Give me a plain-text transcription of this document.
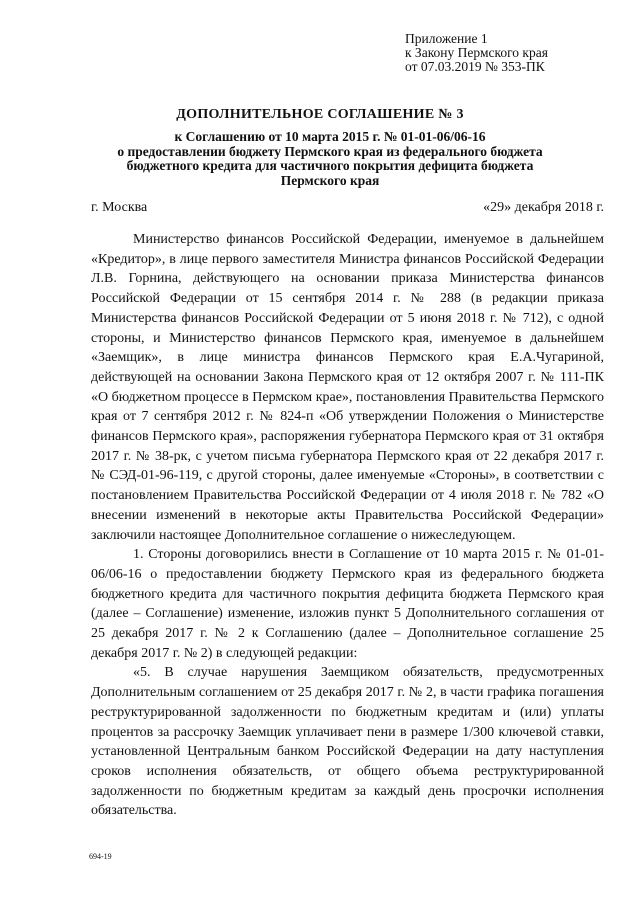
Приложение 1
к Закону Пермского края
от 07.03.2019 № 353-ПК
ДОПОЛНИТЕЛЬНОЕ СОГЛАШЕНИЕ № 3
к Соглашению от 10 марта 2015 г. № 01-01-06/06-16
о предоставлении бюджету Пермского края из федерального бюджета
бюджетного кредита для частичного покрытия дефицита бюджета
Пермского края
г. Москва	«29» декабря 2018 г.

Министерство финансов Российской Федерации, именуемое в дальнейшем «Кредитор», в лице первого заместителя Министра финансов Российской Федерации Л.В. Горнина, действующего на основании приказа Министерства финансов Российской Федерации от 15 сентября 2014 г. № 288 (в редакции приказа Министерства финансов Российской Федерации от 5 июня 2018 г. № 712), с одной стороны, и Министерство финансов Пермского края, именуемое в дальнейшем «Заемщик», в лице министра финансов Пермского края Е.А.Чугариной, действующей на основании Закона Пермского края от 12 октября 2007 г. № 111-ПК «О бюджетном процессе в Пермском крае», постановления Правительства Пермского края от 7 сентября 2012 г. № 824-п «Об утверждении Положения о Министерстве финансов Пермского края», распоряжения губернатора Пермского края от 31 октября 2017 г. № 38-рк, с учетом письма губернатора Пермского края от 22 декабря 2017 г. № СЭД-01-96-119, с другой стороны, далее именуемые «Стороны», в соответствии с постановлением Правительства Российской Федерации от 4 июля 2018 г. № 782 «О внесении изменений в некоторые акты Правительства Российской Федерации» заключили настоящее Дополнительное соглашение о нижеследующем.

1. Стороны договорились внести в Соглашение от 10 марта 2015 г. № 01-01-06/06-16 о предоставлении бюджету Пермского края из федерального бюджета бюджетного кредита для частичного покрытия дефицита бюджета Пермского края (далее – Соглашение) изменение, изложив пункт 5 Дополнительного соглашения от 25 декабря 2017 г. № 2 к Соглашению (далее – Дополнительное соглашение 25 декабря 2017 г. № 2) в следующей редакции:

«5. В случае нарушения Заемщиком обязательств, предусмотренных Дополнительным соглашением от 25 декабря 2017 г. № 2, в части графика погашения реструктурированной задолженности по бюджетным кредитам и (или) уплаты процентов за рассрочку Заемщик уплачивает пени в размере 1/300 ключевой ставки, установленной Центральным банком Российской Федерации на дату наступления сроков исполнения обязательств, от общего объема реструктурированной задолженности по бюджетным кредитам за каждый день просрочки исполнения обязательства.

694-19
